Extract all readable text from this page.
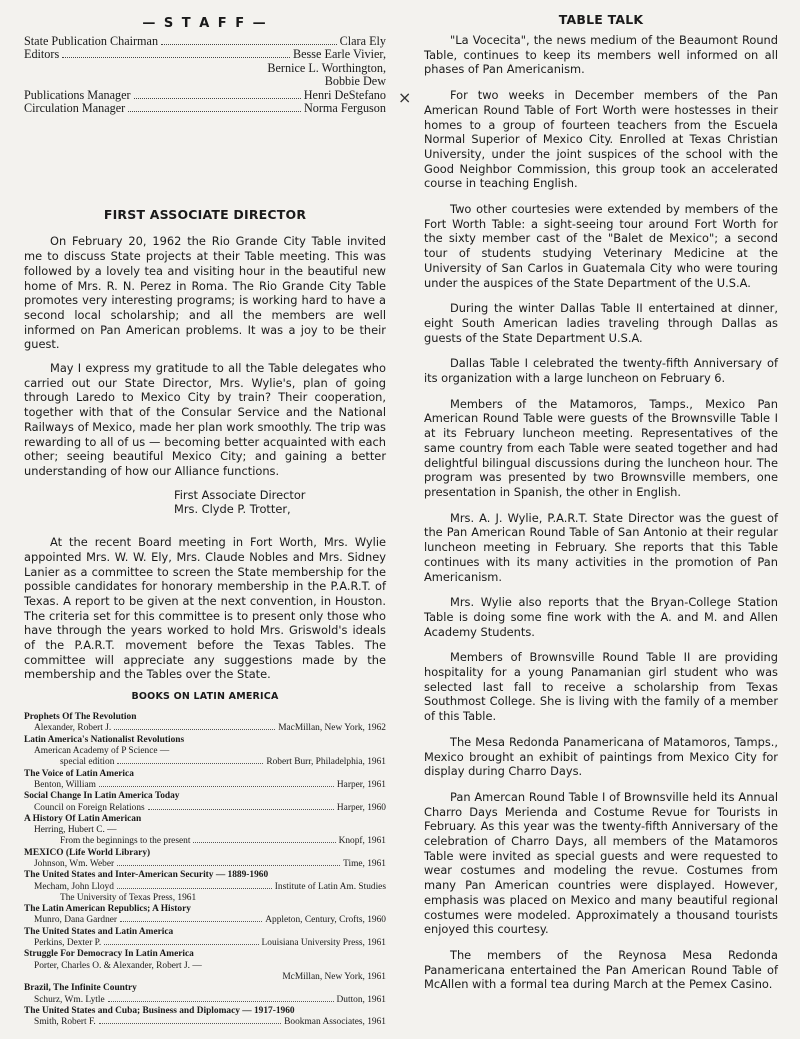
— S T A F F —
State Publication Chairman	Clara Ely
Editors	Besse Earle Vivier,
Bernice L. Worthington,
Bobbie Dew
Publications Manager	Henri DeStefano
Circulation Manager	Norma Ferguson
FIRST ASSOCIATE DIRECTOR

On February 20, 1962 the Rio Grande City Table invited me to discuss State projects at their Table meeting. This was followed by a lovely tea and visiting hour in the beautiful new home of Mrs. R. N. Perez in Roma. The Rio Grande City Table promotes very interesting programs; is working hard to have a second local scholarship; and all the members are well informed on Pan American problems. It was a joy to be their guest.

May I express my gratitude to all the Table delegates who carried out our State Director, Mrs. Wylie's, plan of going through Laredo to Mexico City by train? Their cooperation, together with that of the Consular Service and the National Railways of Mexico, made her plan work smoothly. The trip was rewarding to all of us — becoming better acquainted with each other; seeing beautiful Mexico City; and gaining a better understanding of how our Alliance functions.

First Associate Director
Mrs. Clyde P. Trotter,

At the recent Board meeting in Fort Worth, Mrs. Wylie appointed Mrs. W. W. Ely, Mrs. Claude Nobles and Mrs. Sidney Lanier as a committee to screen the State membership for the possible candidates for honorary membership in the P.A.R.T. of Texas. A report to be given at the next convention, in Houston. The criteria set for this committee is to present only those who have through the years worked to hold Mrs. Griswold's ideals of the P.A.R.T. movement before the Texas Tables. The committee will appreciate any suggestions made by the membership and the Tables over the State.

BOOKS ON LATIN AMERICA
Prophets Of The Revolution
Alexander, Robert J.	MacMillan, New York, 1962
Latin America's Nationalist Revolutions
American Academy of P Science —
special edition	Robert Burr, Philadelphia, 1961
The Voice of Latin America
Benton, William	Harper, 1961
Social Change In Latin America Today
Council on Foreign Relations	Harper, 1960
A History Of Latin American
Herring, Hubert C. —
From the beginnings to the present	Knopf, 1961
MEXICO (Life World Library)
Johnson, Wm. Weber	Time, 1961
The United States and Inter-American Security — 1889-1960
Mecham, John Lloyd	Institute of Latin Am. Studies
The University of Texas Press, 1961
The Latin American Republics; A History
Munro, Dana Gardner	Appleton, Century, Crofts, 1960
The United States and Latin America
Perkins, Dexter P.	Louisiana University Press, 1961
Struggle For Democracy In Latin America
Porter, Charles O. & Alexander, Robert J. —
McMillan, New York, 1961
Brazil, The Infinite Country
Schurz, Wm. Lytle	Dutton, 1961
The United States and Cuba; Business and Diplomacy — 1917-1960
Smith, Robert F.	Bookman Associates, 1961
×
TABLE TALK

"La Vocecita", the news medium of the Beaumont Round Table, continues to keep its members well informed on all phases of Pan Americanism.

For two weeks in December members of the Pan American Round Table of Fort Worth were hostesses in their homes to a group of fourteen teachers from the Escuela Normal Superior of Mexico City. Enrolled at Texas Christian University, under the joint suspices of the school with the Good Neighbor Commission, this group took an accelerated course in teaching English.

Two other courtesies were extended by members of the Fort Worth Table: a sight-seeing tour around Fort Worth for the sixty member cast of the "Balet de Mexico"; a second tour of students studying Veterinary Medicine at the University of San Carlos in Guatemala City who were touring under the auspices of the State Department of the U.S.A.

During the winter Dallas Table II entertained at dinner, eight South American ladies traveling through Dallas as guests of the State Department U.S.A.

Dallas Table I celebrated the twenty-fifth Anniversary of its organization with a large luncheon on February 6.

Members of the Matamoros, Tamps., Mexico Pan American Round Table were guests of the Brownsville Table I at its February luncheon meeting. Representatives of the same country from each Table were seated together and had delightful bilingual discussions during the luncheon hour. The program was presented by two Brownsville members, one presentation in Spanish, the other in English.

Mrs. A. J. Wylie, P.A.R.T. State Director was the guest of the Pan American Round Table of San Antonio at their regular luncheon meeting in February. She reports that this Table continues with its many activities in the promotion of Pan Americanism.

Mrs. Wylie also reports that the Bryan-College Station Table is doing some fine work with the A. and M. and Allen Academy Students.

Members of Brownsville Round Table II are providing hospitality for a young Panamanian girl student who was selected last fall to receive a scholarship from Texas Southmost College. She is living with the family of a member of this Table.

The Mesa Redonda Panamericana of Matamoros, Tamps., Mexico brought an exhibit of paintings from Mexico City for display during Charro Days.

Pan Amercan Round Table I of Brownsville held its Annual Charro Days Merienda and Costume Revue for Tourists in February. As this year was the twenty-fifth Anniversary of the celebration of Charro Days, all members of the Matamoros Table were invited as special guests and were requested to wear costumes and modeling the revue. Costumes from many Pan American countries were displayed. However, emphasis was placed on Mexico and many beautiful regional costumes were modeled. Approximately a thousand tourists enjoyed this courtesy.

The members of the Reynosa Mesa Redonda Panamericana entertained the Pan American Round Table of McAllen with a formal tea during March at the Pemex Casino.
